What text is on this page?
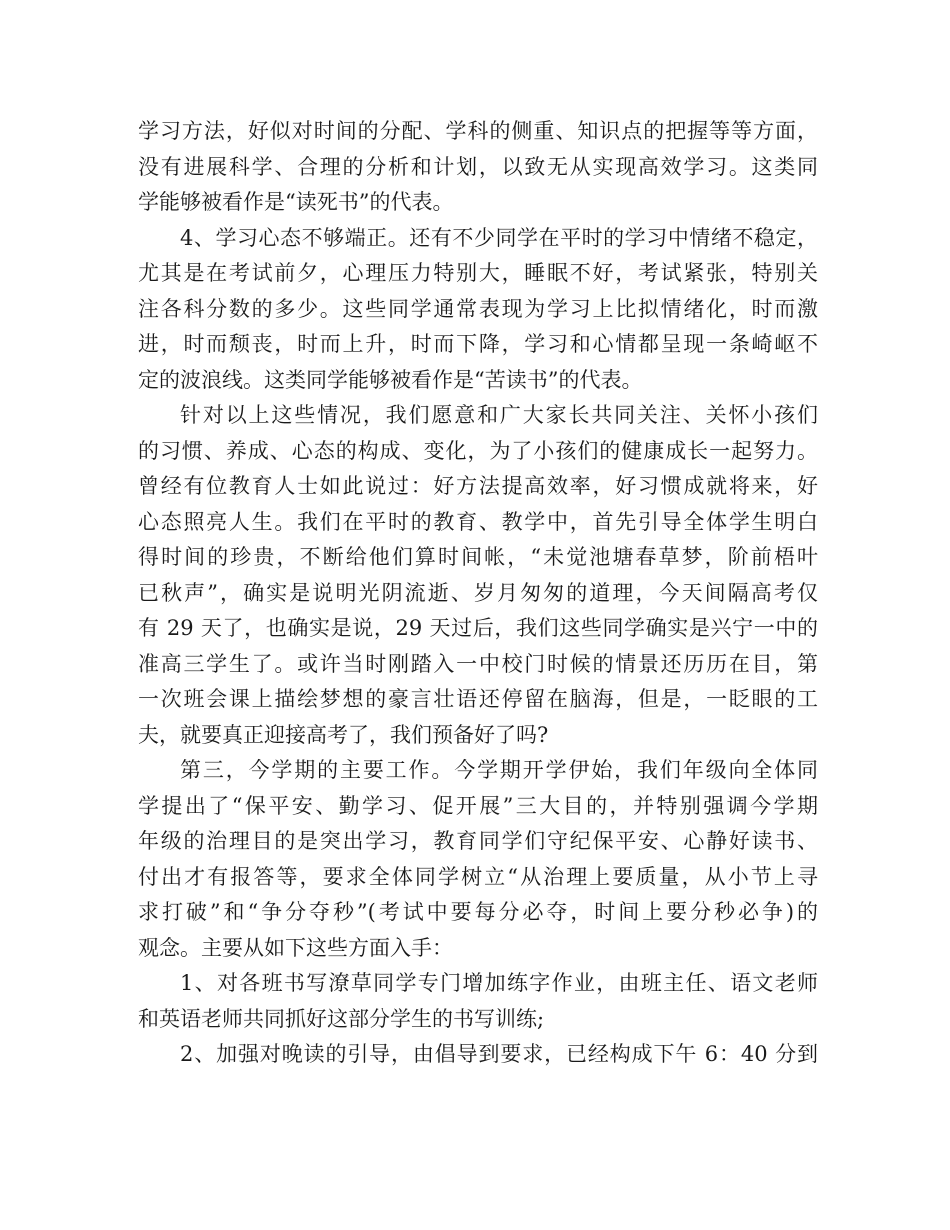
学习方法，好似对时间的分配、学科的侧重、知识点的把握等等方面，
没有进展科学、合理的分析和计划，以致无从实现高效学习。这类同
学能够被看作是“读死书”的代表。
4、学习心态不够端正。还有不少同学在平时的学习中情绪不稳定，
尤其是在考试前夕，心理压力特别大，睡眠不好，考试紧张，特别关
注各科分数的多少。这些同学通常表现为学习上比拟情绪化，时而激
进，时而颓丧，时而上升，时而下降，学习和心情都呈现一条崎岖不
定的波浪线。这类同学能够被看作是“苦读书”的代表。
针对以上这些情况，我们愿意和广大家长共同关注、关怀小孩们
的习惯、养成、心态的构成、变化，为了小孩们的健康成长一起努力。
曾经有位教育人士如此说过：好方法提高效率，好习惯成就将来，好
心态照亮人生。我们在平时的教育、教学中，首先引导全体学生明白
得时间的珍贵，不断给他们算时间帐，“未觉池塘春草梦，阶前梧叶
已秋声”，确实是说明光阴流逝、岁月匆匆的道理，今天间隔高考仅
有 29 天了，也确实是说，29 天过后，我们这些同学确实是兴宁一中的
准高三学生了。或许当时刚踏入一中校门时候的情景还历历在目，第
一次班会课上描绘梦想的豪言壮语还停留在脑海，但是，一眨眼的工
夫，就要真正迎接高考了，我们预备好了吗?
第三，今学期的主要工作。今学期开学伊始，我们年级向全体同
学提出了“保平安、勤学习、促开展”三大目的，并特别强调今学期
年级的治理目的是突出学习，教育同学们守纪保平安、心静好读书、
付出才有报答等，要求全体同学树立“从治理上要质量，从小节上寻
求打破”和“争分夺秒”(考试中要每分必夺，时间上要分秒必争)的
观念。主要从如下这些方面入手：
1、对各班书写潦草同学专门增加练字作业，由班主任、语文老师
和英语老师共同抓好这部分学生的书写训练;
2、加强对晚读的引导，由倡导到要求，已经构成下午 6：40 分到
